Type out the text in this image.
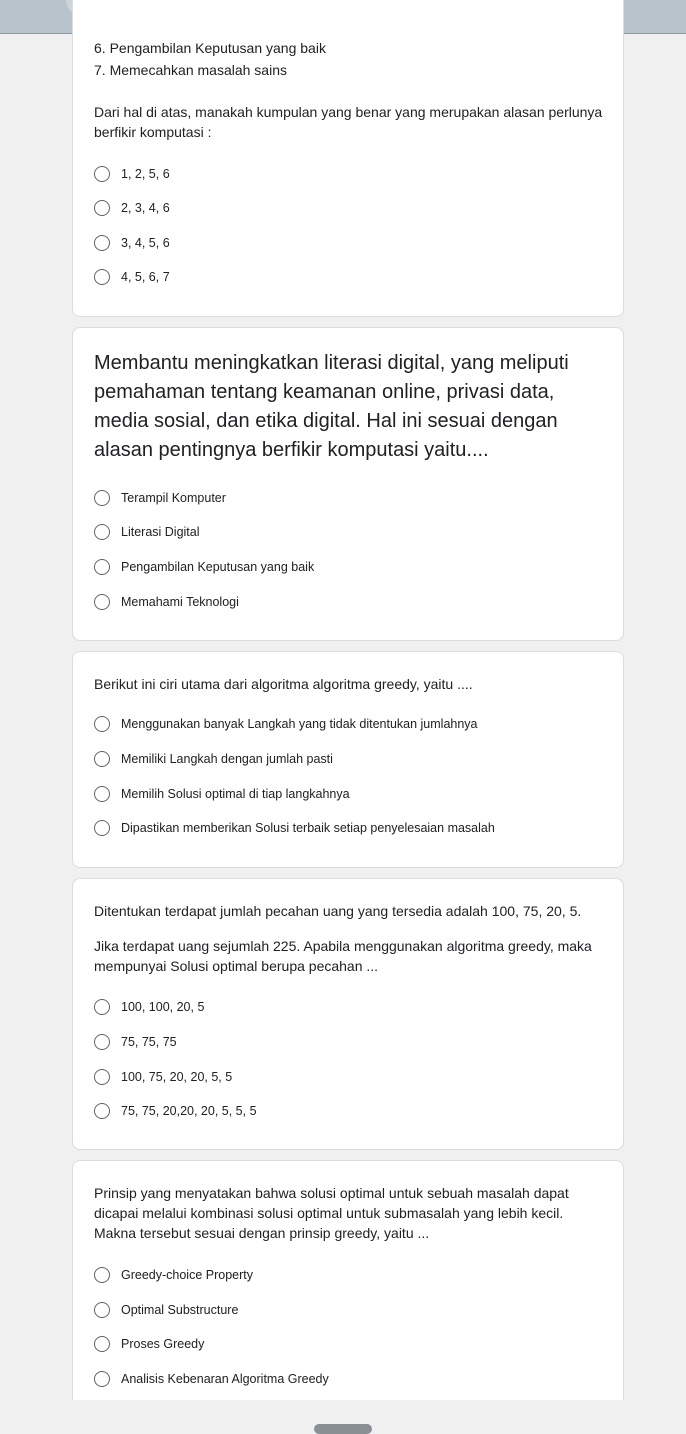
6. Pengambilan Keputusan yang baik
7. Memecahkan masalah sains
Dari hal di atas, manakah kumpulan yang benar yang merupakan alasan perlunya berfikir komputasi :
1, 2, 5, 6
2, 3, 4, 6
3, 4, 5, 6
4, 5, 6, 7
Membantu meningkatkan literasi digital, yang meliputi pemahaman tentang keamanan online, privasi data, media sosial, dan etika digital. Hal ini sesuai dengan alasan pentingnya berfikir komputasi yaitu....
Terampil Komputer
Literasi Digital
Pengambilan Keputusan yang baik
Memahami Teknologi
Berikut ini ciri utama dari algoritma algoritma greedy, yaitu ....
Menggunakan banyak Langkah yang tidak ditentukan jumlahnya
Memiliki Langkah dengan jumlah pasti
Memilih Solusi optimal di tiap langkahnya
Dipastikan memberikan Solusi terbaik setiap penyelesaian masalah
Ditentukan terdapat jumlah pecahan uang yang tersedia adalah 100, 75, 20, 5.
Jika terdapat uang sejumlah 225. Apabila menggunakan algoritma greedy, maka mempunyai Solusi optimal berupa pecahan ...
100, 100, 20, 5
75, 75, 75
100, 75, 20, 20, 5, 5
75, 75, 20,20, 20, 5, 5, 5
Prinsip yang menyatakan bahwa solusi optimal untuk sebuah masalah dapat dicapai melalui kombinasi solusi optimal untuk submasalah yang lebih kecil. Makna tersebut sesuai dengan prinsip greedy, yaitu ...
Greedy-choice Property
Optimal Substructure
Proses Greedy
Analisis Kebenaran Algoritma Greedy
